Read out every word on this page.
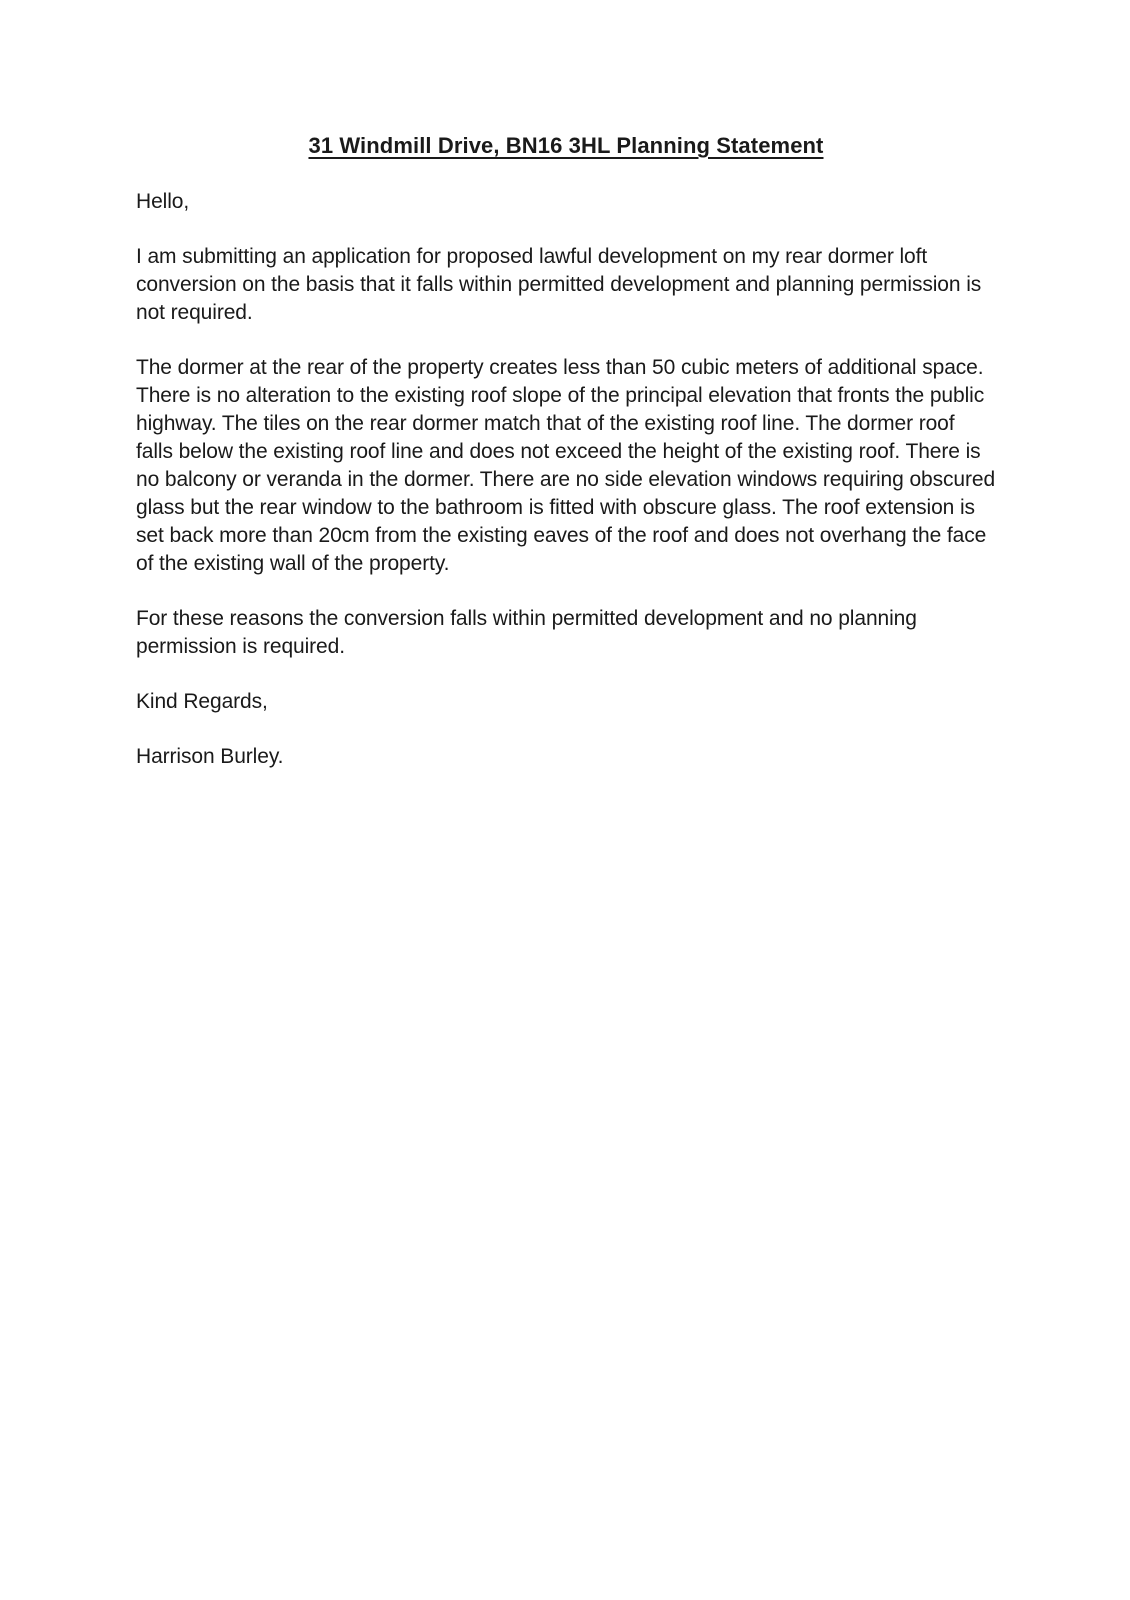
31 Windmill Drive, BN16 3HL Planning Statement

Hello,

I am submitting an application for proposed lawful development on my rear dormer loft conversion on the basis that it falls within permitted development and planning permission is not required.

The dormer at the rear of the property creates less than 50 cubic meters of additional space. There is no alteration to the existing roof slope of the principal elevation that fronts the public highway. The tiles on the rear dormer match that of the existing roof line. The dormer roof falls below the existing roof line and does not exceed the height of the existing roof. There is no balcony or veranda in the dormer. There are no side elevation windows requiring obscured glass but the rear window to the bathroom is fitted with obscure glass. The roof extension is set back more than 20cm from the existing eaves of the roof and does not overhang the face of the existing wall of the property.

For these reasons the conversion falls within permitted development and no planning permission is required.

Kind Regards,

Harrison Burley.
